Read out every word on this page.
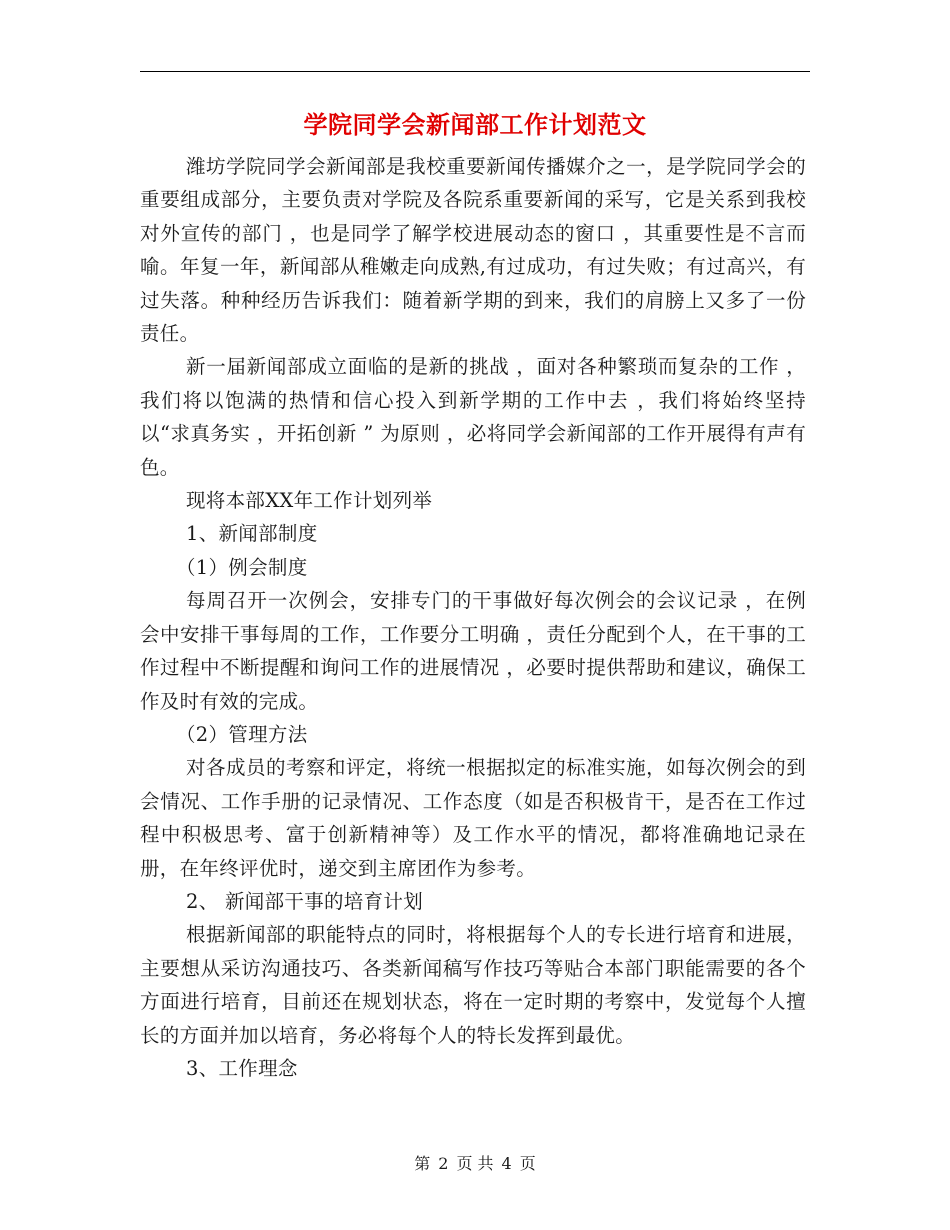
学院同学会新闻部工作计划范文

潍坊学院同学会新闻部是我校重要新闻传播媒介之一，是学院同学会的重要组成部分，主要负责对学院及各院系重要新闻的采写，它是关系到我校对外宣传的部门 ，也是同学了解学校进展动态的窗口 ，其重要性是不言而喻。年复一年，新闻部从稚嫩走向成熟,有过成功，有过失败；有过高兴，有过失落。种种经历告诉我们：随着新学期的到来，我们的肩膀上又多了一份责任。

新一届新闻部成立面临的是新的挑战 ，面对各种繁琐而复杂的工作 ，我们将以饱满的热情和信心投入到新学期的工作中去 ，我们将始终坚持以“求真务实 ，开拓创新 ” 为原则 ，必将同学会新闻部的工作开展得有声有色。

现将本部XX年工作计划列举

1、新闻部制度

（1）例会制度

每周召开一次例会，安排专门的干事做好每次例会的会议记录 ，在例会中安排干事每周的工作，工作要分工明确 ，责任分配到个人，在干事的工作过程中不断提醒和询问工作的进展情况 ，必要时提供帮助和建议，确保工作及时有效的完成。

（2）管理方法

对各成员的考察和评定，将统一根据拟定的标准实施，如每次例会的到会情况、工作手册的记录情况、工作态度（如是否积极肯干，是否在工作过程中积极思考、富于创新精神等）及工作水平的情况，都将准确地记录在册，在年终评优时，递交到主席团作为参考。

2、 新闻部干事的培育计划

根据新闻部的职能特点的同时，将根据每个人的专长进行培育和进展，主要想从采访沟通技巧、各类新闻稿写作技巧等贴合本部门职能需要的各个方面进行培育，目前还在规划状态，将在一定时期的考察中，发觉每个人擅长的方面并加以培育，务必将每个人的特长发挥到最优。

3、工作理念

第 2 页 共 4 页
